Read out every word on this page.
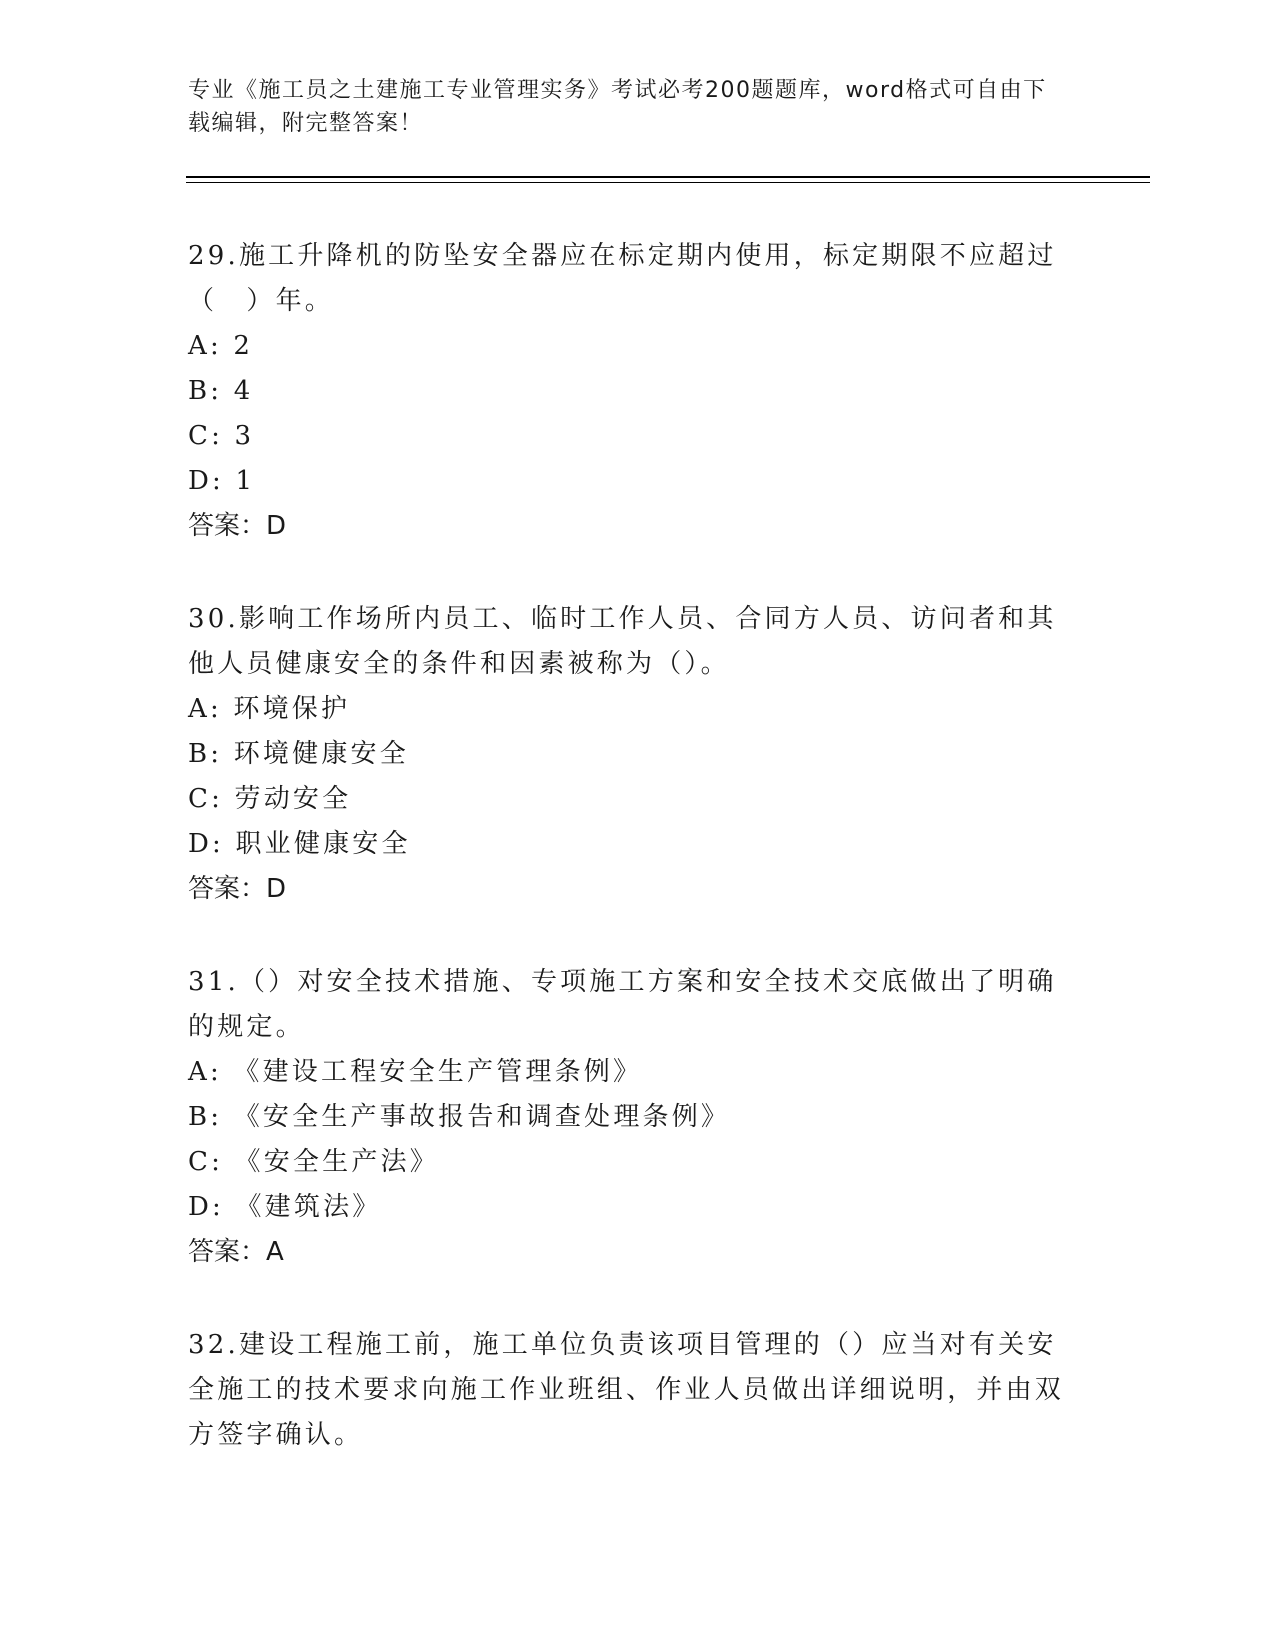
专业《施工员之土建施工专业管理实务》考试必考200题题库，word格式可自由下载编辑，附完整答案！

29.施工升降机的防坠安全器应在标定期内使用，标定期限不应超过（　）年。

A: 2

B: 4

C: 3

D: 1

答案：D

30.影响工作场所内员工、临时工作人员、合同方人员、访问者和其他人员健康安全的条件和因素被称为（）。

A: 环境保护

B: 环境健康安全

C: 劳动安全

D: 职业健康安全

答案：D

31.（）对安全技术措施、专项施工方案和安全技术交底做出了明确的规定。

A: 《建设工程安全生产管理条例》

B: 《安全生产事故报告和调查处理条例》

C: 《安全生产法》

D: 《建筑法》

答案：A

32.建设工程施工前，施工单位负责该项目管理的（）应当对有关安全施工的技术要求向施工作业班组、作业人员做出详细说明，并由双方签字确认。
